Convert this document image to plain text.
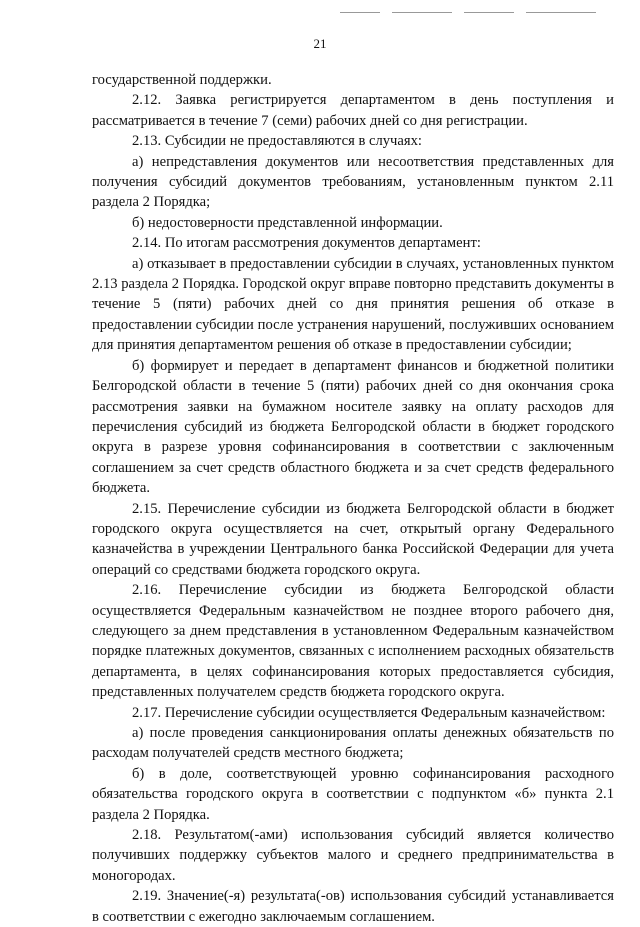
21

государственной поддержки.

2.12. Заявка регистрируется департаментом в день поступления и рассматривается в течение 7 (семи) рабочих дней со дня регистрации.

2.13. Субсидии не предоставляются в случаях:

а) непредставления документов или несоответствия представленных для получения субсидий документов требованиям, установленным пунктом 2.11 раздела 2 Порядка;

б) недостоверности представленной информации.

2.14. По итогам рассмотрения документов департамент:

а) отказывает в предоставлении субсидии в случаях, установленных пунктом 2.13 раздела 2 Порядка. Городской округ вправе повторно представить документы в течение 5 (пяти) рабочих дней со дня принятия решения об отказе в предоставлении субсидии после устранения нарушений, послуживших основанием для принятия департаментом решения об отказе в предоставлении субсидии;

б) формирует и передает в департамент финансов и бюджетной политики Белгородской области в течение 5 (пяти) рабочих дней со дня окончания срока рассмотрения заявки на бумажном носителе заявку на оплату расходов для перечисления субсидий из бюджета Белгородской области в бюджет городского округа в разрезе уровня софинансирования в соответствии с заключенным соглашением за счет средств областного бюджета и за счет средств федерального бюджета.

2.15. Перечисление субсидии из бюджета Белгородской области в бюджет городского округа осуществляется на счет, открытый органу Федерального казначейства в учреждении Центрального банка Российской Федерации для учета операций со средствами бюджета городского округа.

2.16. Перечисление субсидии из бюджета Белгородской области осуществляется Федеральным казначейством не позднее второго рабочего дня, следующего за днем представления в установленном Федеральным казначейством порядке платежных документов, связанных с исполнением расходных обязательств департамента, в целях софинансирования которых предоставляется субсидия, представленных получателем средств бюджета городского округа.

2.17. Перечисление субсидии осуществляется Федеральным казначейством:

а) после проведения санкционирования оплаты денежных обязательств по расходам получателей средств местного бюджета;

б) в доле, соответствующей уровню софинансирования расходного обязательства городского округа в соответствии с подпунктом «б» пункта 2.1 раздела 2 Порядка.

2.18. Результатом(-ами) использования субсидий является количество получивших поддержку субъектов малого и среднего предпринимательства в моногородах.

2.19. Значение(-я) результата(-ов) использования субсидий устанавливается в соответствии с ежегодно заключаемым соглашением.
